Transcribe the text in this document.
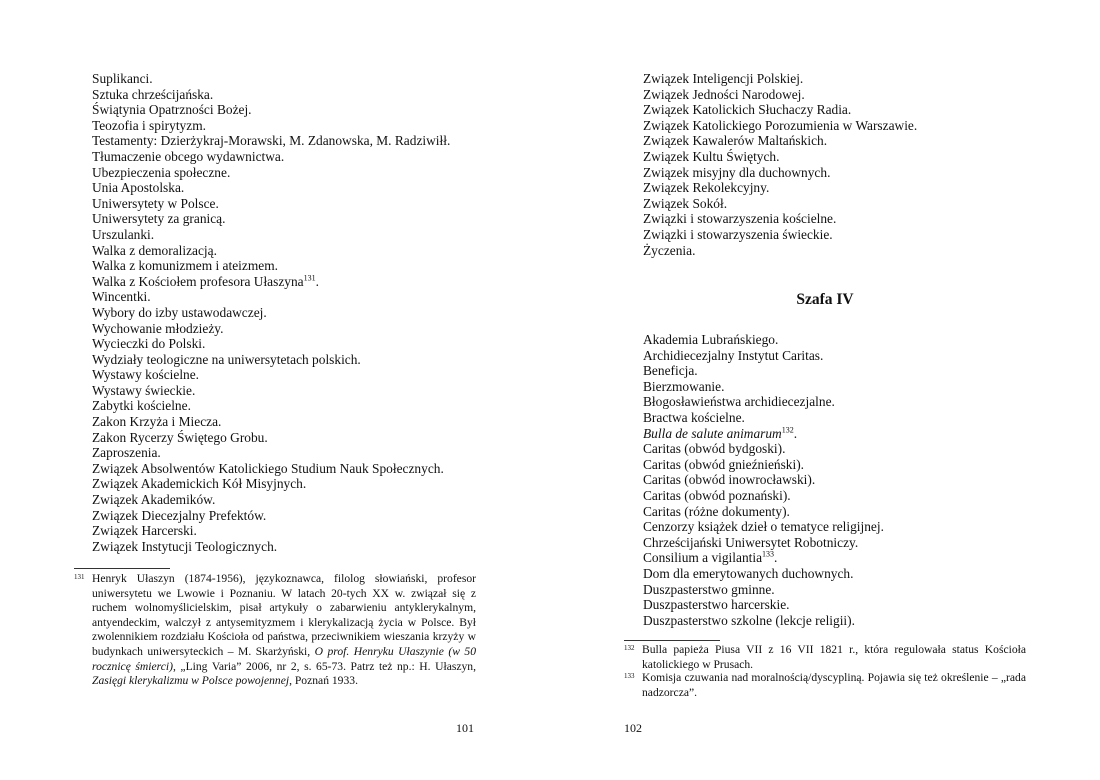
Suplikanci.
Sztuka chrześcijańska.
Świątynia Opatrzności Bożej.
Teozofia i spirytyzm.
Testamenty: Dzierżykraj-Morawski, M. Zdanowska, M. Radziwiłł.
Tłumaczenie obcego wydawnictwa.
Ubezpieczenia społeczne.
Unia Apostolska.
Uniwersytety w Polsce.
Uniwersytety za granicą.
Urszulanki.
Walka z demoralizacją.
Walka z komunizmem i ateizmem.
Walka z Kościołem profesora Ułaszyna$^{131}$.
Wincentki.
Wybory do izby ustawodawczej.
Wychowanie młodzieży.
Wycieczki do Polski.
Wydziały teologiczne na uniwersytetach polskich.
Wystawy kościelne.
Wystawy świeckie.
Zabytki kościelne.
Zakon Krzyża i Miecza.
Zakon Rycerzy Świętego Grobu.
Zaproszenia.
Związek Absolwentów Katolickiego Studium Nauk Społecznych.
Związek Akademickich Kół Misyjnych.
Związek Akademików.
Związek Diecezjalny Prefektów.
Związek Harcerski.
Związek Instytucji Teologicznych.
131 Henryk Ułaszyn (1874-1956), językoznawca, filolog słowiański, profesor uniwersytetu we Lwowie i Poznaniu. W latach 20-tych XX w. związał się z ruchem wolnomyślicielskim, pisał artykuły o zabarwieniu antyklerykalnym, antyendeckim, walczył z antysemityzmem i klerykalizacją życia w Polsce. Był zwolennikiem rozdziału Kościoła od państwa, przeciwnikiem wieszania krzyży w budynkach uniwersyteckich – M. Skarżyński, O prof. Henryku Ułaszynie (w 50 rocznicę śmierci), „Ling Varia” 2006, nr 2, s. 65-73. Patrz też np.: H. Ułaszyn, Zasięgi klerykalizmu w Polsce powojennej, Poznań 1933.
101
Związek Inteligencji Polskiej.
Związek Jedności Narodowej.
Związek Katolickich Słuchaczy Radia.
Związek Katolickiego Porozumienia w Warszawie.
Związek Kawalerów Maltańskich.
Związek Kultu Świętych.
Związek misyjny dla duchownych.
Związek Rekolekcyjny.
Związek Sokół.
Związki i stowarzyszenia kościelne.
Związki i stowarzyszenia świeckie.
Życzenia.
Szafa IV
Akademia Lubrańskiego.
Archidiecezjalny Instytut Caritas.
Beneficja.
Bierzmowanie.
Błogosławieństwa archidiecezjalne.
Bractwa kościelne.
Bulla de salute animarum$^{132}$.
Caritas (obwód bydgoski).
Caritas (obwód gnieźnieński).
Caritas (obwód inowrocławski).
Caritas (obwód poznański).
Caritas (różne dokumenty).
Cenzorzy książek dzieł o tematyce religijnej.
Chrześcijański Uniwersytet Robotniczy.
Consilium a vigilantia$^{133}$.
Dom dla emerytowanych duchownych.
Duszpasterstwo gminne.
Duszpasterstwo harcerskie.
Duszpasterstwo szkolne (lekcje religii).
132 Bulla papieża Piusa VII z 16 VII 1821 r., która regulowała status Kościoła katolickiego w Prusach.
133 Komisja czuwania nad moralnością/dyscypliną. Pojawia się też określenie – „rada nadzorcza”.
102
